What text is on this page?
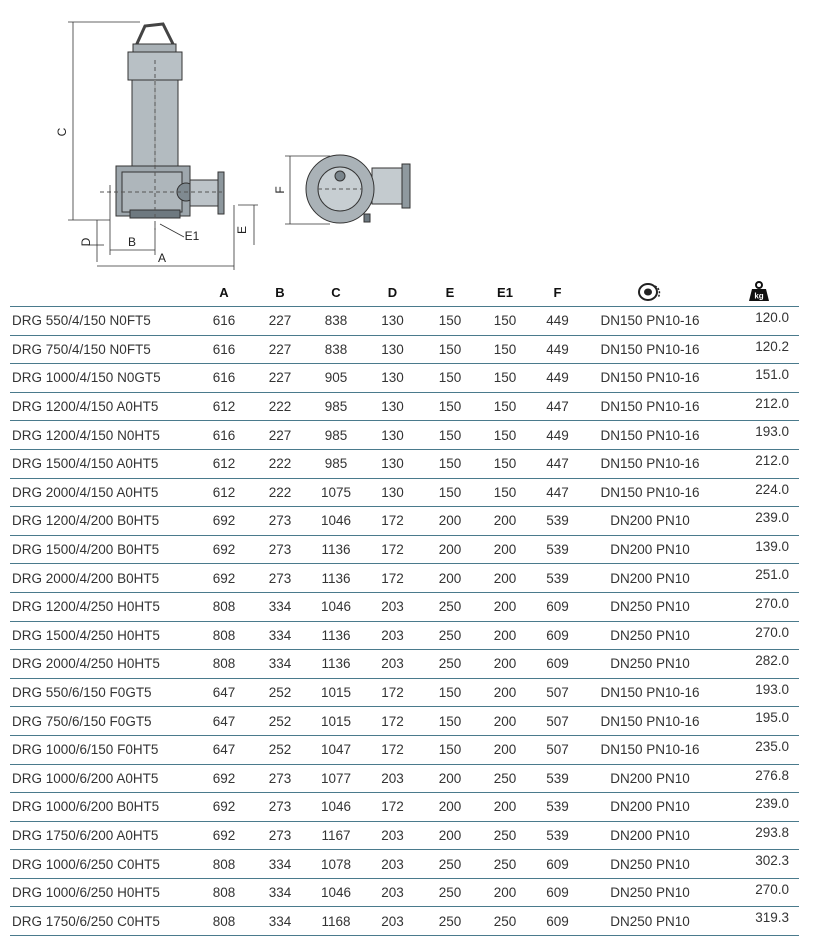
C
D	B	E1	E
A
F
	A	B	C	D	E	E1	F		kg

DRG 550/4/150 N0FT5	616	227	838	130	150	150	449	DN150 PN10-16	120.0
DRG 750/4/150 N0FT5	616	227	838	130	150	150	449	DN150 PN10-16	120.2
DRG 1000/4/150 N0GT5	616	227	905	130	150	150	449	DN150 PN10-16	151.0
DRG 1200/4/150 A0HT5	612	222	985	130	150	150	447	DN150 PN10-16	212.0
DRG 1200/4/150 N0HT5	616	227	985	130	150	150	449	DN150 PN10-16	193.0
DRG 1500/4/150 A0HT5	612	222	985	130	150	150	447	DN150 PN10-16	212.0
DRG 2000/4/150 A0HT5	612	222	1075	130	150	150	447	DN150 PN10-16	224.0
DRG 1200/4/200 B0HT5	692	273	1046	172	200	200	539	DN200 PN10	239.0
DRG 1500/4/200 B0HT5	692	273	1136	172	200	200	539	DN200 PN10	139.0
DRG 2000/4/200 B0HT5	692	273	1136	172	200	200	539	DN200 PN10	251.0
DRG 1200/4/250 H0HT5	808	334	1046	203	250	200	609	DN250 PN10	270.0
DRG 1500/4/250 H0HT5	808	334	1136	203	250	200	609	DN250 PN10	270.0
DRG 2000/4/250 H0HT5	808	334	1136	203	250	200	609	DN250 PN10	282.0
DRG 550/6/150 F0GT5	647	252	1015	172	150	200	507	DN150 PN10-16	193.0
DRG 750/6/150 F0GT5	647	252	1015	172	150	200	507	DN150 PN10-16	195.0
DRG 1000/6/150 F0HT5	647	252	1047	172	150	200	507	DN150 PN10-16	235.0
DRG 1000/6/200 A0HT5	692	273	1077	203	200	250	539	DN200 PN10	276.8
DRG 1000/6/200 B0HT5	692	273	1046	172	200	200	539	DN200 PN10	239.0
DRG 1750/6/200 A0HT5	692	273	1167	203	200	250	539	DN200 PN10	293.8
DRG 1000/6/250 C0HT5	808	334	1078	203	250	250	609	DN250 PN10	302.3
DRG 1000/6/250 H0HT5	808	334	1046	203	250	200	609	DN250 PN10	270.0
DRG 1750/6/250 C0HT5	808	334	1168	203	250	250	609	DN250 PN10	319.3
